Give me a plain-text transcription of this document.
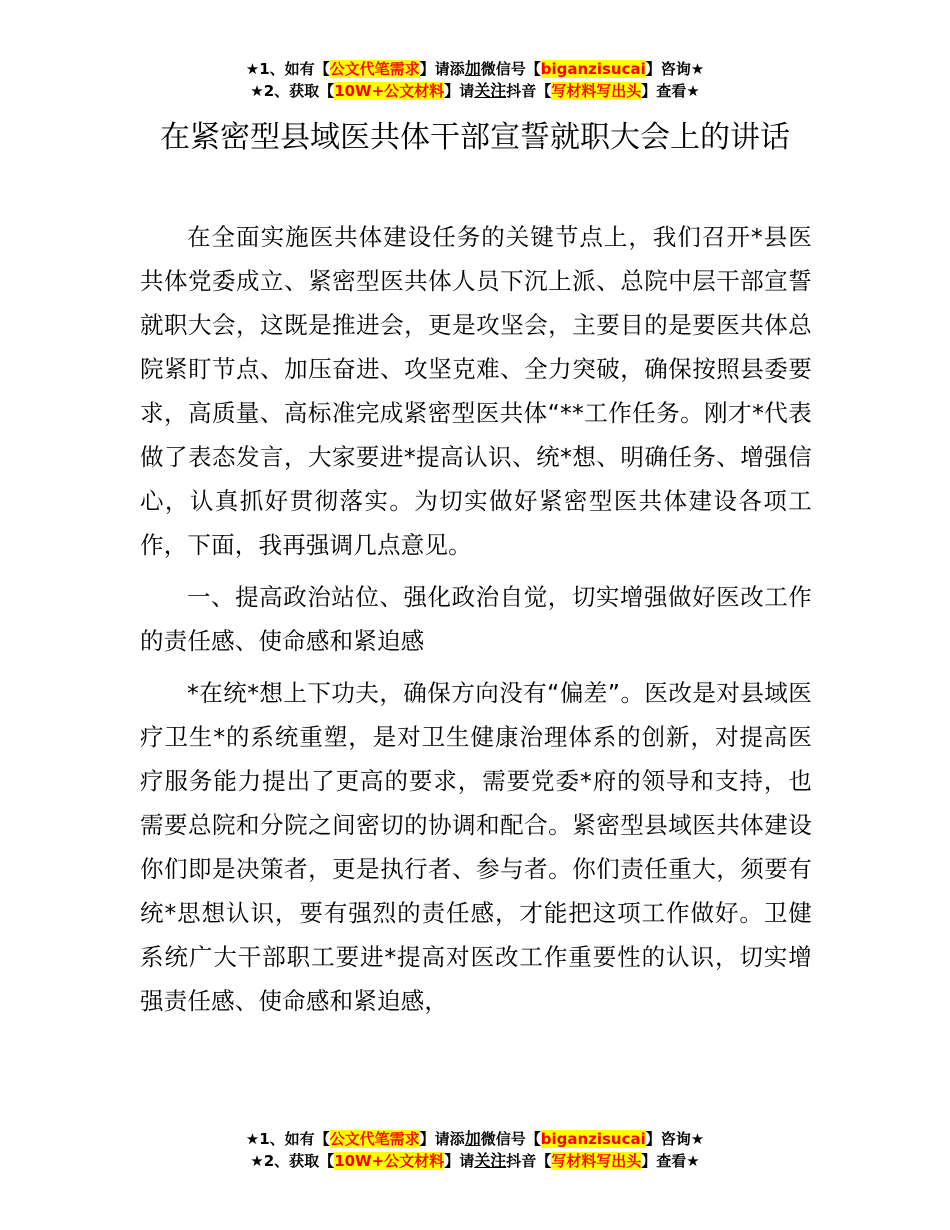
★1、如有【公文代笔需求】请添加微信号【biganzisucai】咨询★
★2、获取【10W+公文材料】请关注抖音【写材料写出头】查看★
在紧密型县域医共体干部宣誓就职大会上的讲话

在全面实施医共体建设任务的关键节点上，我们召开*县医共体党委成立、紧密型医共体人员下沉上派、总院中层干部宣誓就职大会，这既是推进会，更是攻坚会，主要目的是要医共体总院紧盯节点、加压奋进、攻坚克难、全力突破，确保按照县委要求，高质量、高标准完成紧密型医共体“**工作任务。刚才*代表做了表态发言，大家要进*提高认识、统*想、明确任务、增强信心，认真抓好贯彻落实。为切实做好紧密型医共体建设各项工作，下面，我再强调几点意见。

一、提高政治站位、强化政治自觉，切实增强做好医改工作的责任感、使命感和紧迫感

*在统*想上下功夫，确保方向没有“偏差”。医改是对县域医疗卫生*的系统重塑，是对卫生健康治理体系的创新，对提高医疗服务能力提出了更高的要求，需要党委*府的领导和支持，也需要总院和分院之间密切的协调和配合。紧密型县域医共体建设你们即是决策者，更是执行者、参与者。你们责任重大，须要有统*思想认识，要有强烈的责任感，才能把这项工作做好。卫健系统广大干部职工要进*提高对医改工作重要性的认识，切实增强责任感、使命感和紧迫感，

★1、如有【公文代笔需求】请添加微信号【biganzisucai】咨询★
★2、获取【10W+公文材料】请关注抖音【写材料写出头】查看★
